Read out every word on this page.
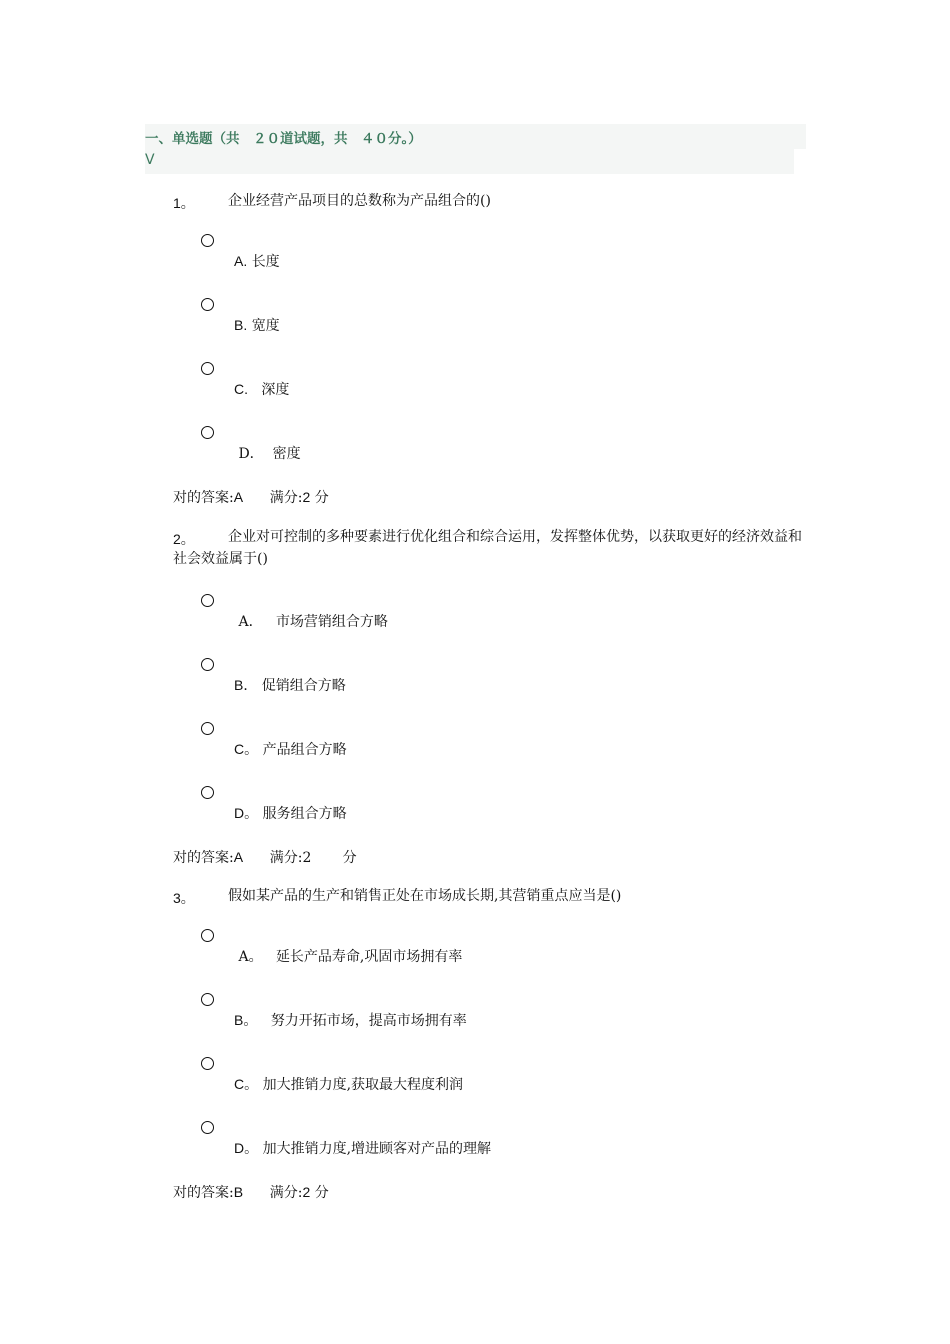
一、单选题（共　２０道试题，共　４０分。）
V
1。 企业经营产品项目的总数称为产品组合的()
A. 长度
B. 宽度
C. 深度
D． 密度
对的答案:A 满分:2 分
2。	企业对可控制的多种要素进行优化组合和综合运用，发挥整体优势，以获取更好的经济效益和社会效益属于()
A． 市场营销组合方略
B． 促销组合方略
C。 产品组合方略
D。 服务组合方略
对的答案:A 满分:2 分
3。 假如某产品的生产和销售正处在市场成长期,其营销重点应当是()
A。 延长产品寿命,巩固市场拥有率
B。 努力开拓市场，提高市场拥有率
C。 加大推销力度,获取最大程度利润
D。 加大推销力度,增进顾客对产品的理解
对的答案:B 满分:2 分
